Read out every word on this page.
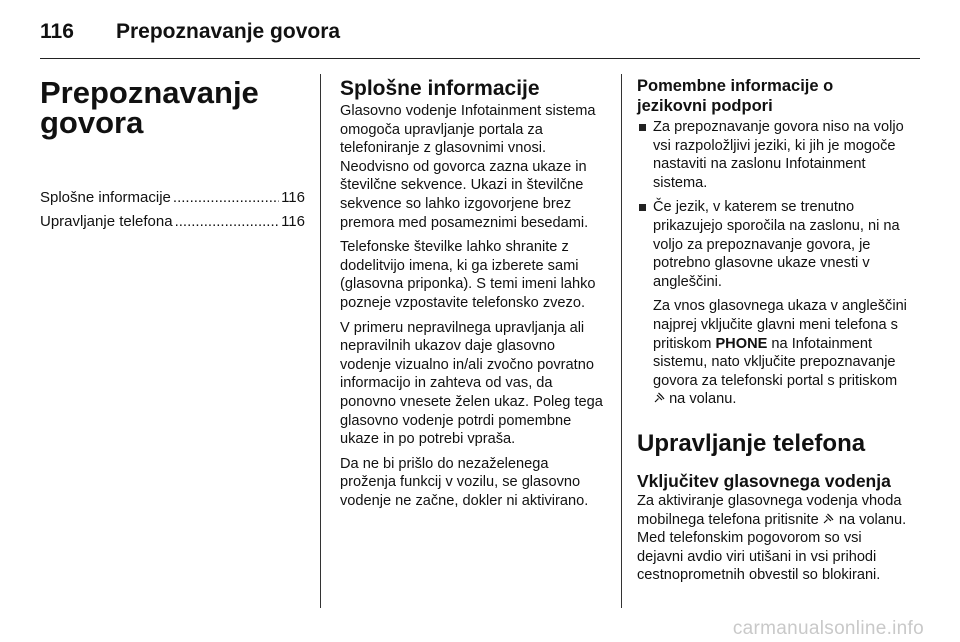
116 Prepoznavanje govora
Prepoznavanje
govora
Splošne informacije .....	116
Upravljanje telefona .....	116
Splošne informacije

Glasovno vodenje Infotainment sistema omogoča upravljanje portala za telefoniranje z glasovnimi vnosi. Neodvisno od govorca zazna ukaze in številčne sekvence. Ukazi in številčne sekvence so lahko izgovorjene brez premora med posameznimi besedami.

Telefonske številke lahko shranite z dodelitvijo imena, ki ga izberete sami (glasovna priponka). S temi imeni lahko pozneje vzpostavite telefonsko zvezo.

V primeru nepravilnega upravljanja ali nepravilnih ukazov daje glasovno vodenje vizualno in/ali zvočno povratno informacijo in zahteva od vas, da ponovno vnesete želen ukaz. Poleg tega glasovno vodenje potrdi pomembne ukaze in po potrebi vpraša.

Da ne bi prišlo do nezaželenega proženja funkcij v vozilu, se glasovno vodenje ne začne, dokler ni aktivirano.

Pomembne informacije o jezikovni podpori
Za prepoznavanje govora niso na voljo vsi razpoložljivi jeziki, ki jih je mogoče nastaviti na zaslonu Infotainment sistema.
Če jezik, v katerem se trenutno prikazujejo sporočila na zaslonu, ni na voljo za prepoznavanje govora, je potrebno glasovne ukaze vnesti v angleščini.

Za vnos glasovnega ukaza v angleščini najprej vključite glavni meni telefona s pritiskom PHONE na Infotainment sistemu, nato vključite prepoznavanje govora za telefonski portal s pritiskom  na volanu.

Upravljanje telefona
Vključitev glasovnega vodenja

Za aktiviranje glasovnega vodenja vhoda mobilnega telefona pritisnite na volanu. Med telefonskim pogovorom so vsi dejavni avdio viri utišani in vsi prihodi cestnoprometnih obvestil so blokirani.

carmanualsonline.info
